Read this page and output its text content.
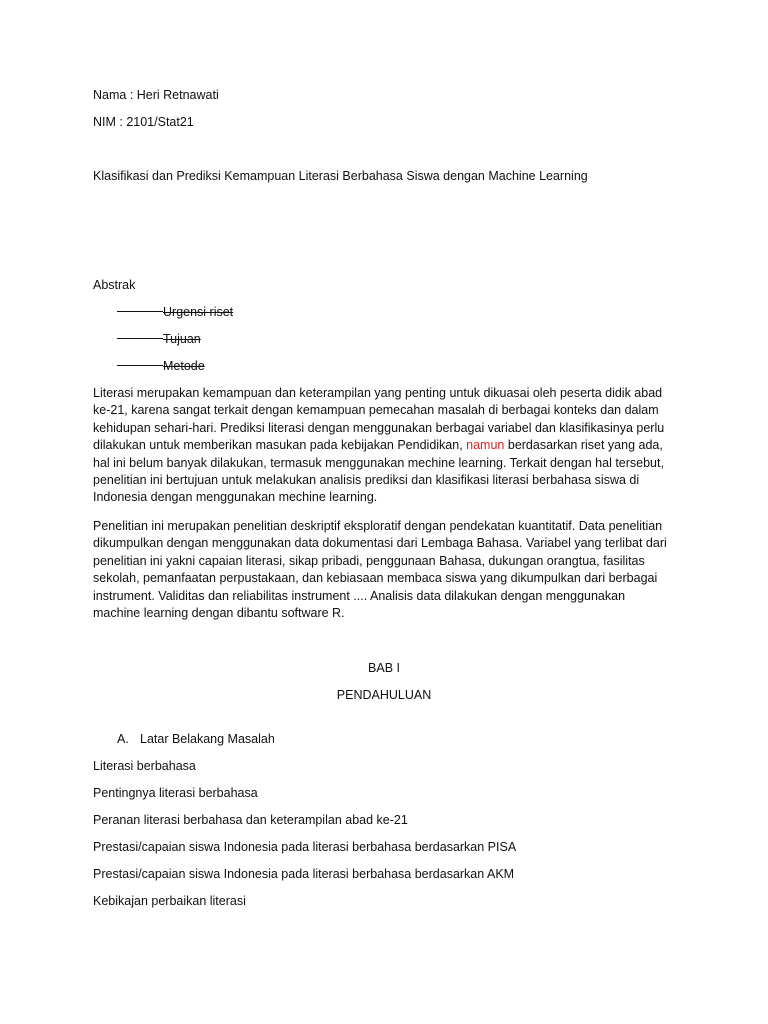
Nama : Heri Retnawati
NIM : 2101/Stat21
Klasifikasi dan Prediksi Kemampuan Literasi Berbahasa Siswa dengan Machine Learning
Abstrak
Urgensi riset
Tujuan
Metode
Literasi merupakan kemampuan dan keterampilan yang penting untuk dikuasai oleh peserta didik abad ke-21, karena sangat terkait dengan kemampuan pemecahan masalah di berbagai konteks dan dalam kehidupan sehari-hari. Prediksi literasi dengan menggunakan berbagai variabel dan klasifikasinya perlu dilakukan untuk memberikan masukan pada kebijakan Pendidikan, namun berdasarkan riset yang ada, hal ini belum banyak dilakukan, termasuk menggunakan mechine learning. Terkait dengan hal tersebut, penelitian ini bertujuan untuk melakukan analisis prediksi dan klasifikasi literasi berbahasa siswa di Indonesia dengan menggunakan mechine learning.
Penelitian ini merupakan penelitian deskriptif eksploratif dengan pendekatan kuantitatif. Data penelitian dikumpulkan dengan menggunakan data dokumentasi dari Lembaga Bahasa. Variabel yang terlibat dari penelitian ini yakni capaian literasi, sikap pribadi, penggunaan Bahasa, dukungan orangtua, fasilitas sekolah, pemanfaatan perpustakaan, dan kebiasaan membaca siswa yang dikumpulkan dari berbagai instrument. Validitas dan reliabilitas instrument .... Analisis data dilakukan dengan menggunakan machine learning dengan dibantu software R.
BAB I
PENDAHULUAN
A. Latar Belakang Masalah
Literasi berbahasa
Pentingnya literasi berbahasa
Peranan literasi berbahasa dan keterampilan abad ke-21
Prestasi/capaian siswa Indonesia pada literasi berbahasa berdasarkan PISA
Prestasi/capaian siswa Indonesia pada literasi berbahasa berdasarkan AKM
Kebikajan perbaikan literasi
